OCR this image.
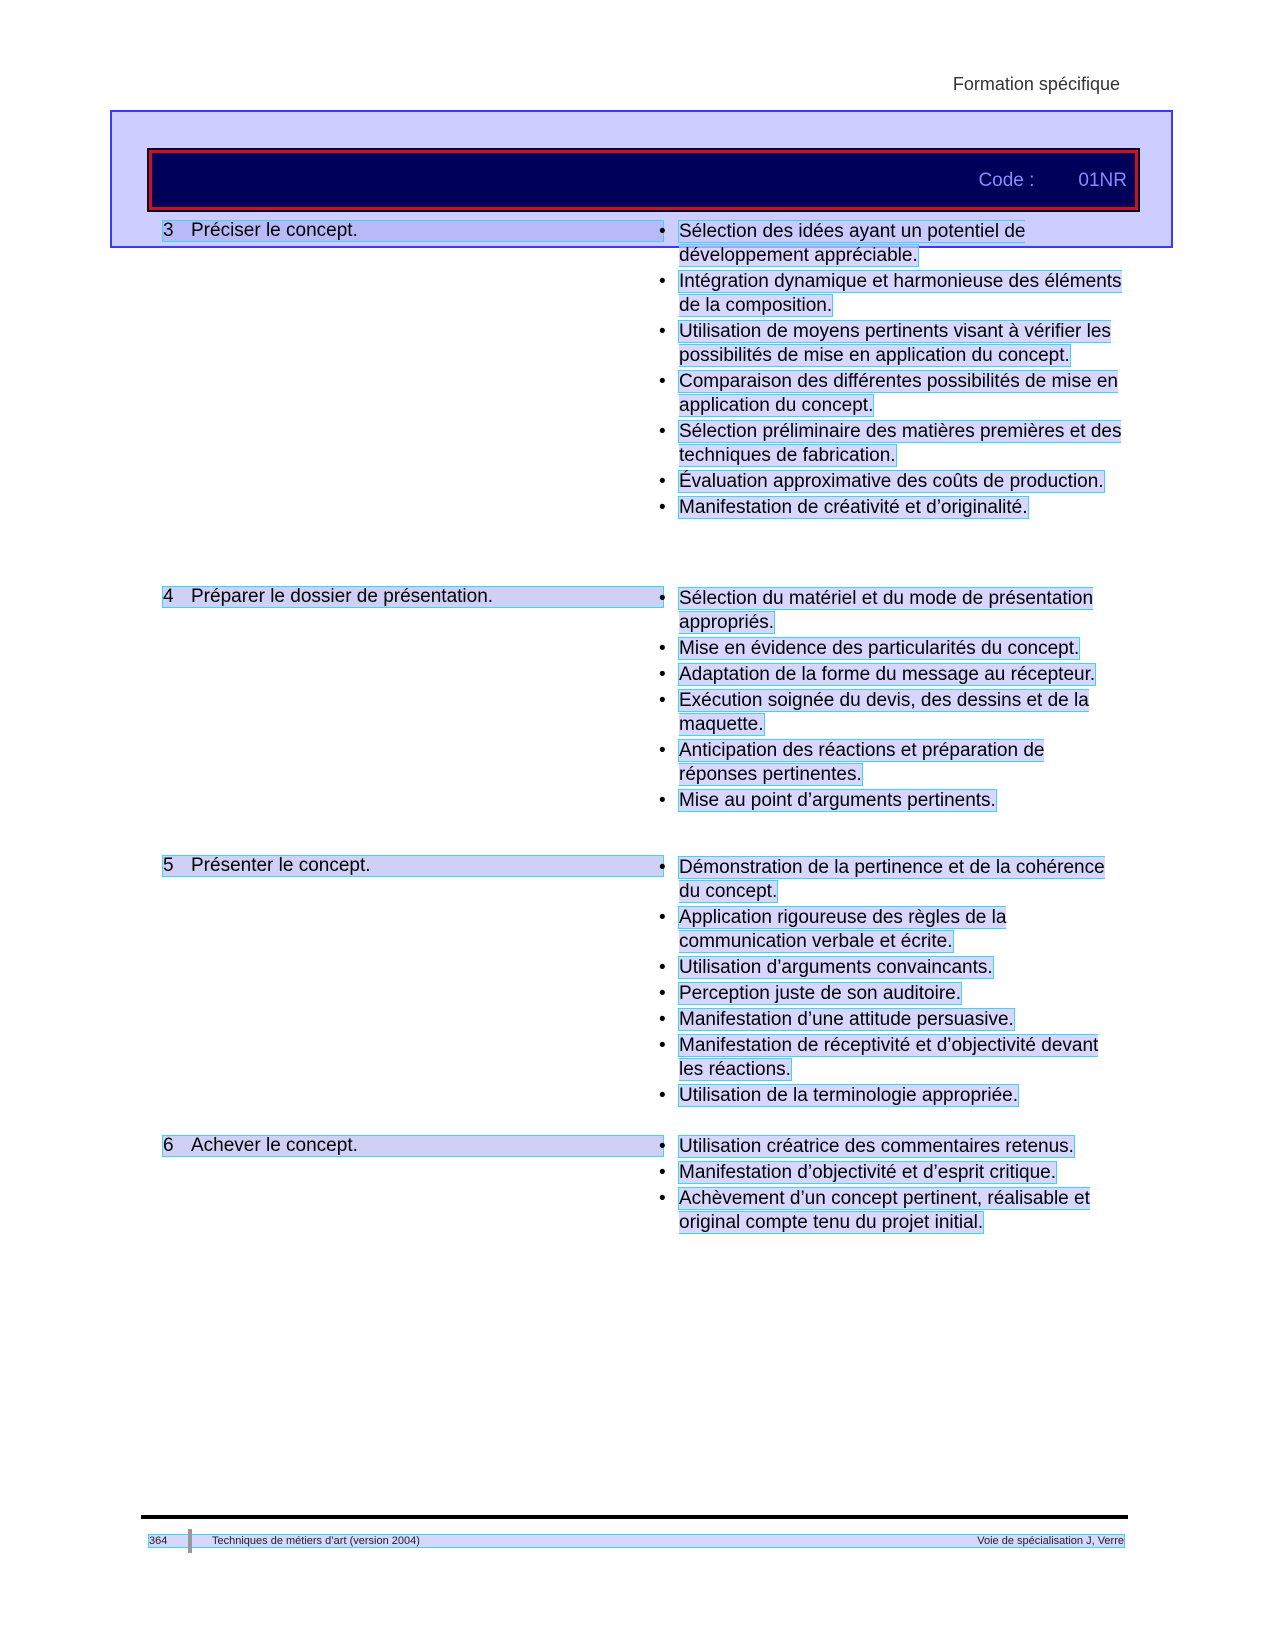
Formation spécifique
Code : 01NR
3 Préciser le concept.	• Sélection des idées ayant un potentiel de développement appréciable.
• Intégration dynamique et harmonieuse des éléments de la composition.
• Utilisation de moyens pertinents visant à vérifier les possibilités de mise en application du concept.
• Comparaison des différentes possibilités de mise en application du concept.
• Sélection préliminaire des matières premières et des techniques de fabrication.
• Évaluation approximative des coûts de production.
• Manifestation de créativité et d’originalité.
4 Préparer le dossier de présentation.	• Sélection du matériel et du mode de présentation appropriés.
• Mise en évidence des particularités du concept.
• Adaptation de la forme du message au récepteur.
• Exécution soignée du devis, des dessins et de la maquette.
• Anticipation des réactions et préparation de réponses pertinentes.
• Mise au point d’arguments pertinents.
5 Présenter le concept.	• Démonstration de la pertinence et de la cohérence du concept.
• Application rigoureuse des règles de la communication verbale et écrite.
• Utilisation d’arguments convaincants.
• Perception juste de son auditoire.
• Manifestation d’une attitude persuasive.
• Manifestation de réceptivité et d’objectivité devant les réactions.
• Utilisation de la terminologie appropriée.
6 Achever le concept.	• Utilisation créatrice des commentaires retenus.
• Manifestation d’objectivité et d’esprit critique.
• Achèvement d’un concept pertinent, réalisable et original compte tenu du projet initial.
364	Techniques de métiers d’art (version 2004)	Voie de spécialisation J, Verre
